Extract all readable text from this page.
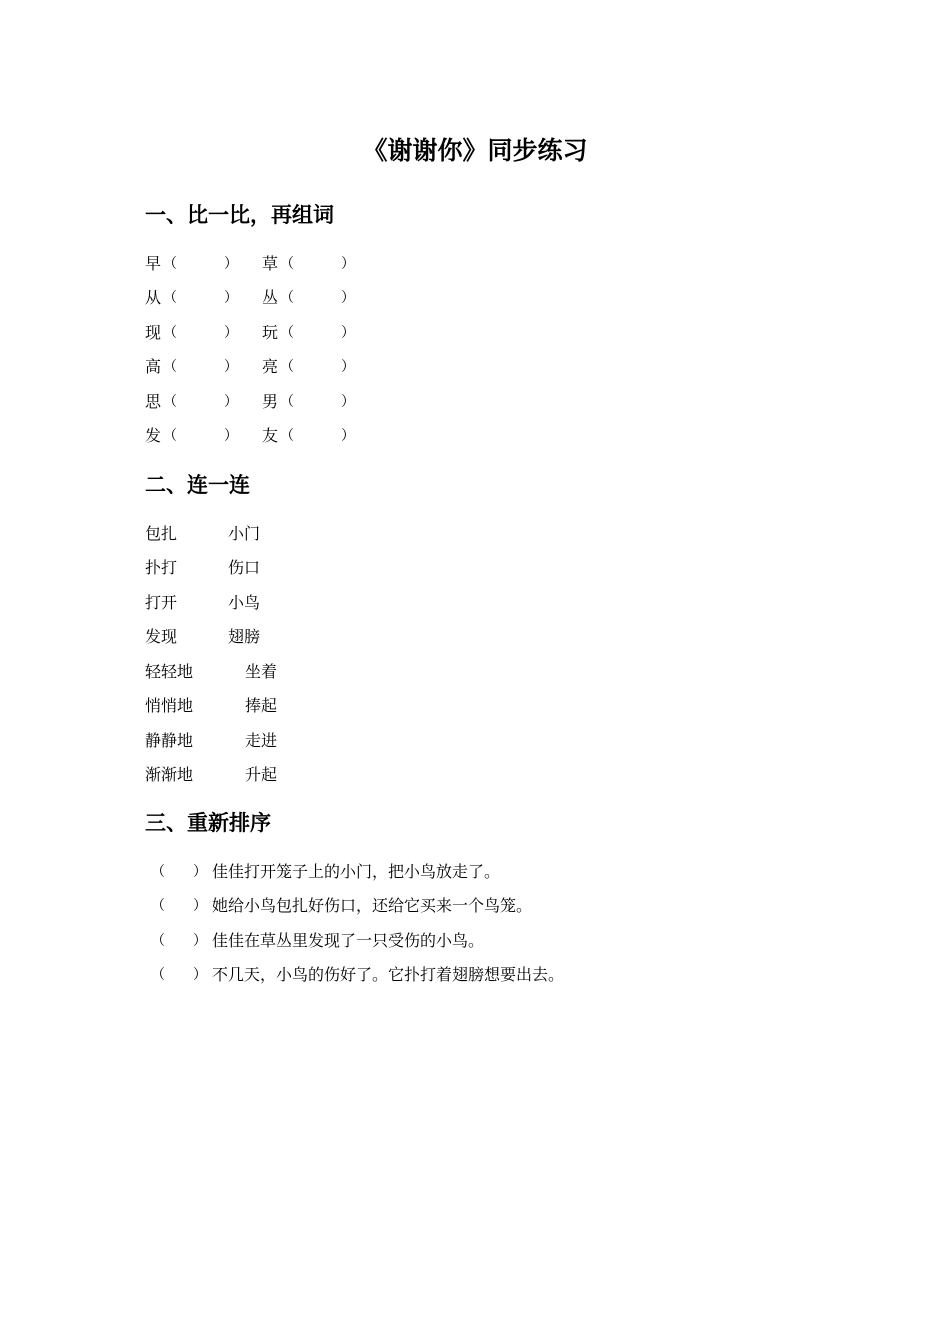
《谢谢你》同步练习
一、比一比，再组词
早 （	） 草 （	）
从 （	） 丛 （	）
现 （	） 玩 （	）
高 （	） 亮 （	）
思 （	） 男 （	）
发 （	） 友 （	）
二、连一连
包扎	小门
扑打	伤口
打开	小鸟
发现	翅膀
轻轻地	坐着
悄悄地	捧起
静静地	走进
渐渐地	升起
三、重新排序
（ ） 佳佳打开笼子上的小门，把小鸟放走了。
（ ） 她给小鸟包扎好伤口，还给它买来一个鸟笼。
（ ） 佳佳在草丛里发现了一只受伤的小鸟。
（ ） 不几天，小鸟的伤好了。它扑打着翅膀想要出去。
